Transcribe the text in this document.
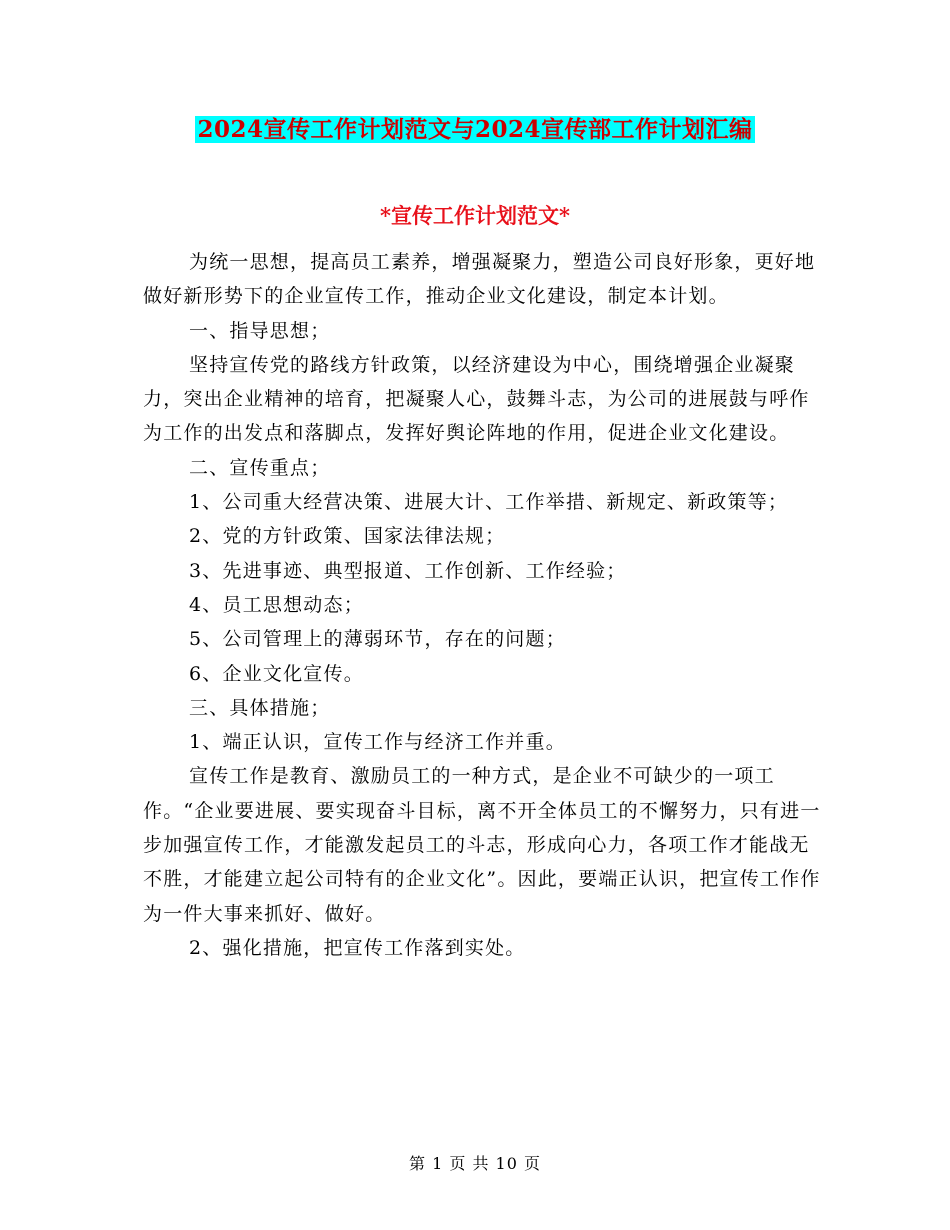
2024宣传工作计划范文与2024宣传部工作计划汇编
*宣传工作计划范文*

为统一思想，提高员工素养，增强凝聚力，塑造公司良好形象，更好地做好新形势下的企业宣传工作，推动企业文化建设，制定本计划。

一、指导思想；

坚持宣传党的路线方针政策，以经济建设为中心，围绕增强企业凝聚力，突出企业精神的培育，把凝聚人心，鼓舞斗志，为公司的进展鼓与呼作为工作的出发点和落脚点，发挥好舆论阵地的作用，促进企业文化建设。

二、宣传重点；

1、公司重大经营决策、进展大计、工作举措、新规定、新政策等；

2、党的方针政策、国家法律法规；

3、先进事迹、典型报道、工作创新、工作经验；

4、员工思想动态；

5、公司管理上的薄弱环节，存在的问题；

6、企业文化宣传。

三、具体措施；

1、端正认识，宣传工作与经济工作并重。

宣传工作是教育、激励员工的一种方式，是企业不可缺少的一项工作。“企业要进展、要实现奋斗目标，离不开全体员工的不懈努力，只有进一步加强宣传工作，才能激发起员工的斗志，形成向心力，各项工作才能战无不胜，才能建立起公司特有的企业文化”。因此，要端正认识，把宣传工作作为一件大事来抓好、做好。

2、强化措施，把宣传工作落到实处。

第 1 页 共 10 页
